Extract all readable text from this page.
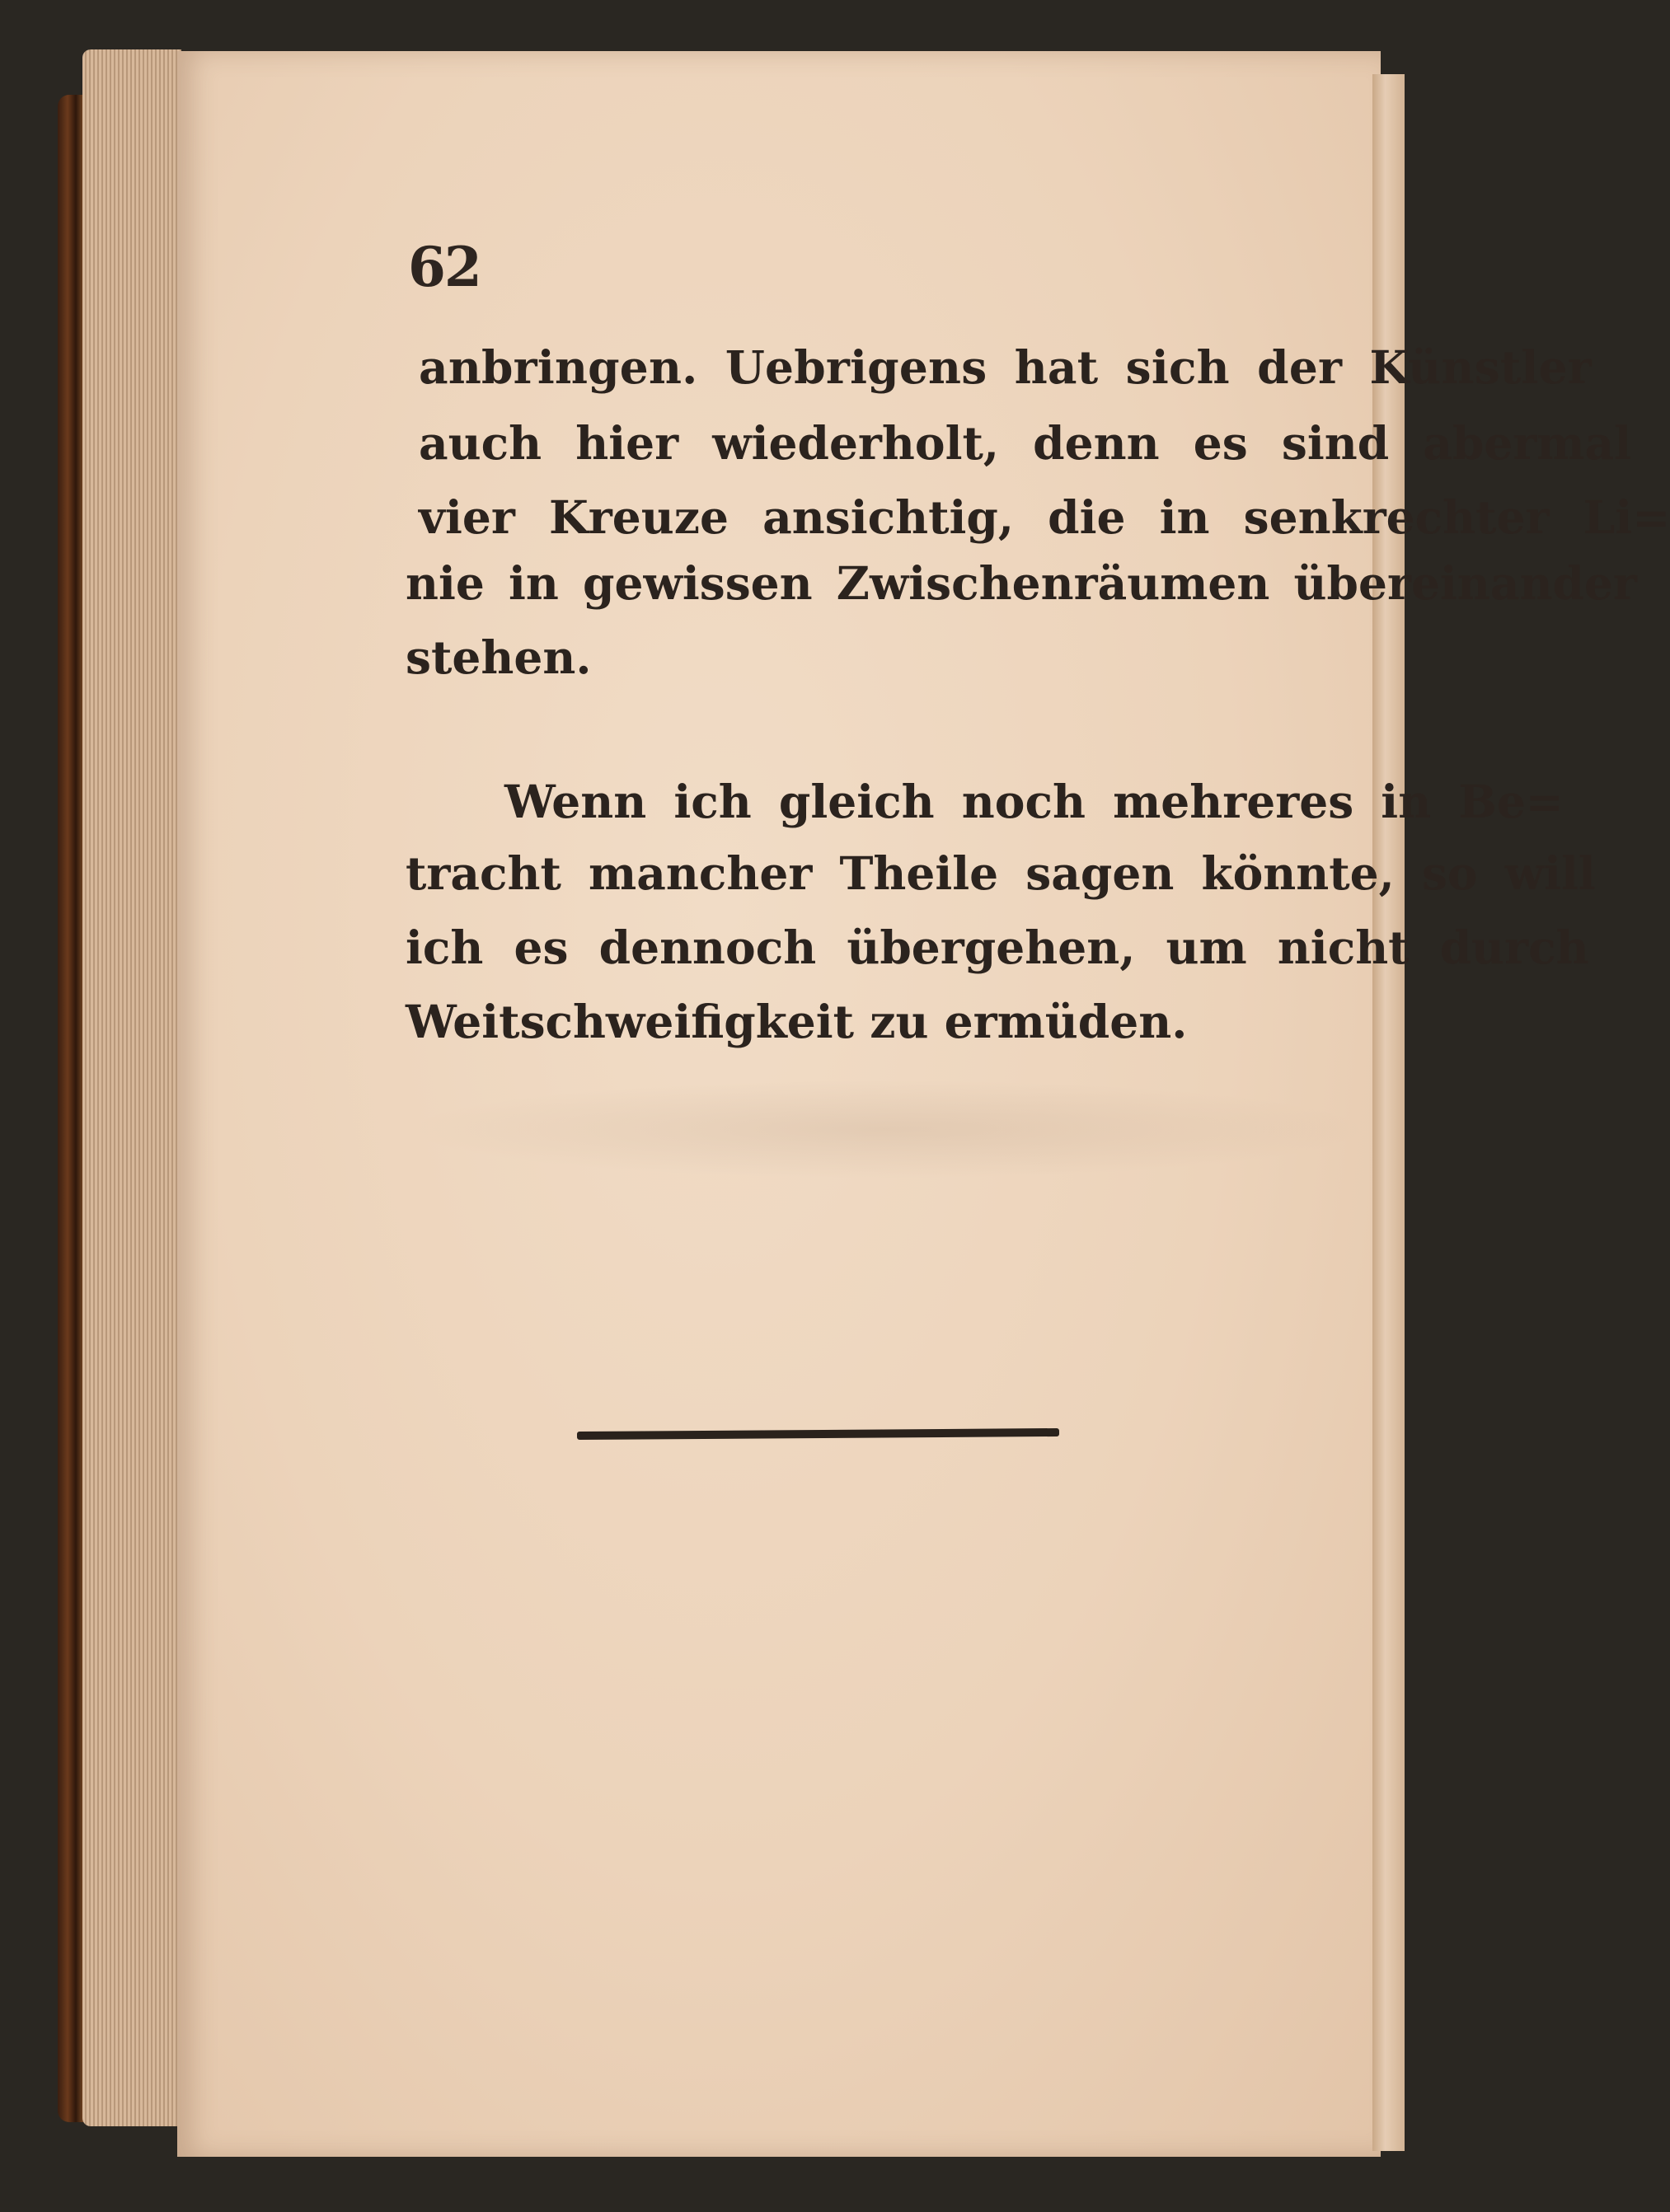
62
anbringen. Uebrigens hat sich der Künstler
auch hier wiederholt, denn es sind abermal
vier Kreuze ansichtig, die in senkrechter Li=
nie in gewissen Zwischenräumen übereinander
stehen.
Wenn ich gleich noch mehreres in Be=
tracht mancher Theile sagen könnte, so will
ich es dennoch übergehen, um nicht durch
Weitschweifigkeit zu ermüden.
